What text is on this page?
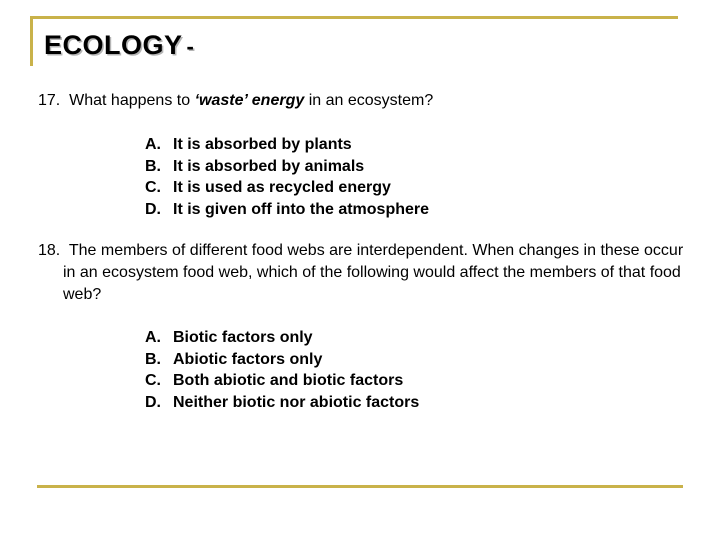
ECOLOGY -
17. What happens to ‘waste’ energy in an ecosystem?
A. It is absorbed by plants
B. It is absorbed by animals
C. It is used as recycled energy
D. It is given off into the atmosphere
18. The members of different food webs are interdependent. When changes in these occur in an ecosystem food web, which of the following would affect the members of that food web?
A. Biotic factors only
B. Abiotic factors only
C. Both abiotic and biotic factors
D. Neither biotic nor abiotic factors
